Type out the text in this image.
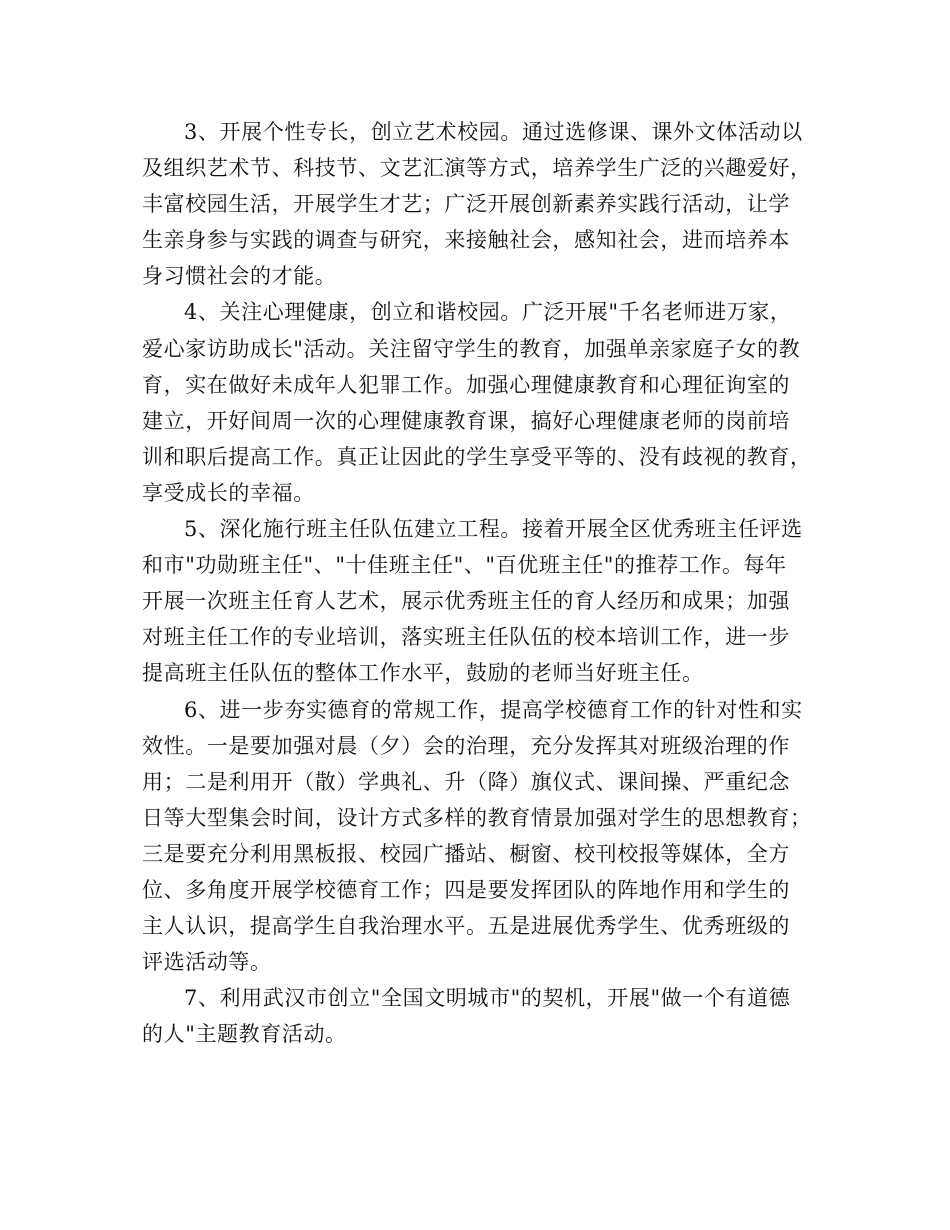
3、开展个性专长，创立艺术校园。通过选修课、课外文体活动以
及组织艺术节、科技节、文艺汇演等方式，培养学生广泛的兴趣爱好，
丰富校园生活，开展学生才艺；广泛开展创新素养实践行活动，让学
生亲身参与实践的调查与研究，来接触社会，感知社会，进而培养本
身习惯社会的才能。
4、关注心理健康，创立和谐校园。广泛开展"千名老师进万家，
爱心家访助成长"活动。关注留守学生的教育，加强单亲家庭子女的教
育，实在做好未成年人犯罪工作。加强心理健康教育和心理征询室的
建立，开好间周一次的心理健康教育课，搞好心理健康老师的岗前培
训和职后提高工作。真正让因此的学生享受平等的、没有歧视的教育，
享受成长的幸福。
5、深化施行班主任队伍建立工程。接着开展全区优秀班主任评选
和市"功勋班主任"、"十佳班主任"、"百优班主任"的推荐工作。每年
开展一次班主任育人艺术，展示优秀班主任的育人经历和成果；加强
对班主任工作的专业培训，落实班主任队伍的校本培训工作，进一步
提高班主任队伍的整体工作水平，鼓励的老师当好班主任。
6、进一步夯实德育的常规工作，提高学校德育工作的针对性和实
效性。一是要加强对晨（夕）会的治理，充分发挥其对班级治理的作
用；二是利用开（散）学典礼、升（降）旗仪式、课间操、严重纪念
日等大型集会时间，设计方式多样的教育情景加强对学生的思想教育；
三是要充分利用黑板报、校园广播站、橱窗、校刊校报等媒体，全方
位、多角度开展学校德育工作；四是要发挥团队的阵地作用和学生的
主人认识，提高学生自我治理水平。五是进展优秀学生、优秀班级的
评选活动等。
7、利用武汉市创立"全国文明城市"的契机，开展"做一个有道德
的人"主题教育活动。
